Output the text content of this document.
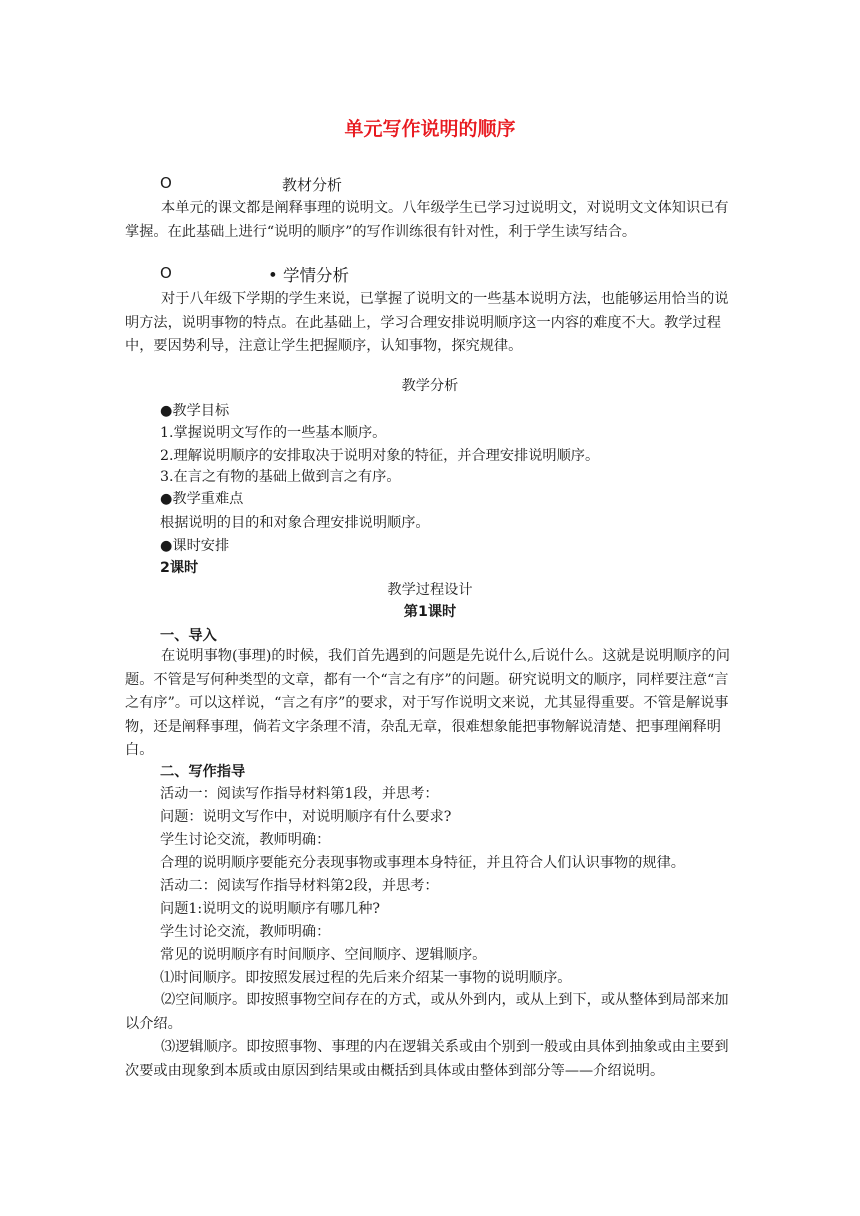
单元写作说明的顺序
O	教材分析
本单元的课文都是阐释事理的说明文。八年级学生已学习过说明文，对说明文文体知识已有掌握。在此基础上进行“说明的顺序”的写作训练很有针对性，利于学生读写结合。
O	• 学情分析
对于八年级下学期的学生来说，已掌握了说明文的一些基本说明方法，也能够运用恰当的说明方法，说明事物的特点。在此基础上，学习合理安排说明顺序这一内容的难度不大。教学过程中，要因势利导，注意让学生把握顺序，认知事物，探究规律。
教学分析
●教学目标
1.掌握说明文写作的一些基本顺序。
2.理解说明顺序的安排取决于说明对象的特征，并合理安排说明顺序。
3.在言之有物的基础上做到言之有序。
●教学重难点
根据说明的目的和对象合理安排说明顺序。
●课时安排
2课时
教学过程设计
第1课时
一、导入
在说明事物(事理)的时候，我们首先遇到的问题是先说什么,后说什么。这就是说明顺序的问题。不管是写何种类型的文章，都有一个“言之有序”的问题。研究说明文的顺序，同样要注意“言之有序”。可以这样说，“言之有序”的要求，对于写作说明文来说，尤其显得重要。不管是解说事物，还是阐释事理，倘若文字条理不清，杂乱无章，很难想象能把事物解说清楚、把事理阐释明白。
二、写作指导
活动一：阅读写作指导材料第1段，并思考：
问题：说明文写作中，对说明顺序有什么要求?
学生讨论交流，教师明确：
合理的说明顺序要能充分表现事物或事理本身特征，并且符合人们认识事物的规律。
活动二：阅读写作指导材料第2段，并思考：
问题1:说明文的说明顺序有哪几种?
学生讨论交流，教师明确：
常见的说明顺序有时间顺序、空间顺序、逻辑顺序。
⑴时间顺序。即按照发展过程的先后来介绍某一事物的说明顺序。
⑵空间顺序。即按照事物空间存在的方式，或从外到内，或从上到下，或从整体到局部来加以介绍。
⑶逻辑顺序。即按照事物、事理的内在逻辑关系或由个别到一般或由具体到抽象或由主要到次要或由现象到本质或由原因到结果或由概括到具体或由整体到部分等——介绍说明。
